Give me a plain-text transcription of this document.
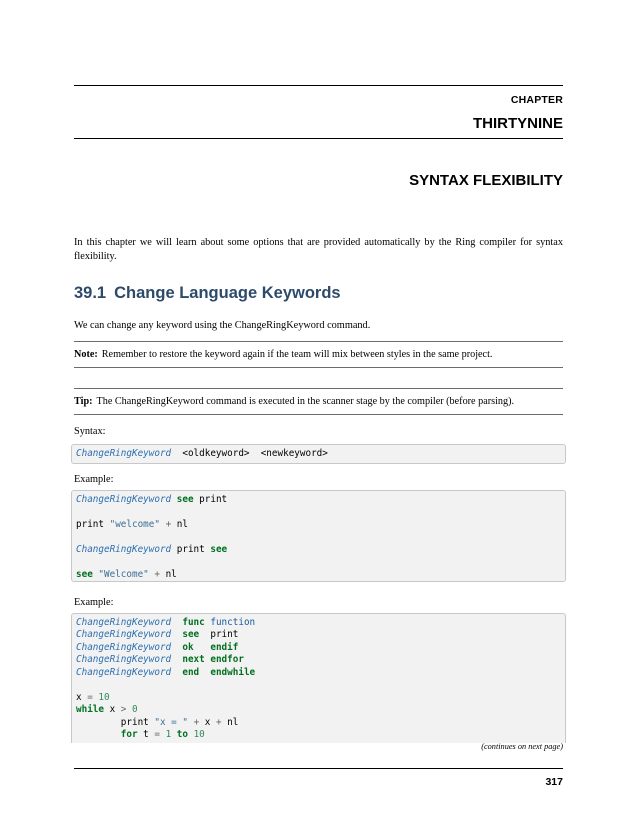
CHAPTER
THIRTYNINE
SYNTAX FLEXIBILITY
In this chapter we will learn about some options that are provided automatically by the Ring compiler for syntax flexibility.
39.1 Change Language Keywords
We can change any keyword using the ChangeRingKeyword command.
Note: Remember to restore the keyword again if the team will mix between styles in the same project.
Tip: The ChangeRingKeyword command is executed in the scanner stage by the compiler (before parsing).
Syntax:
ChangeRingKeyword  <oldkeyword>  <newkeyword>
Example:
ChangeRingKeyword see print

print "welcome" + nl

ChangeRingKeyword print see

see "Welcome" + nl
Example:
ChangeRingKeyword func function
ChangeRingKeyword see print
ChangeRingKeyword ok endif
ChangeRingKeyword next endfor
ChangeRingKeyword end endwhile

x = 10
while x > 0
print "x = " + x + nl
for t = 1 to 10
(continues on next page)
317
